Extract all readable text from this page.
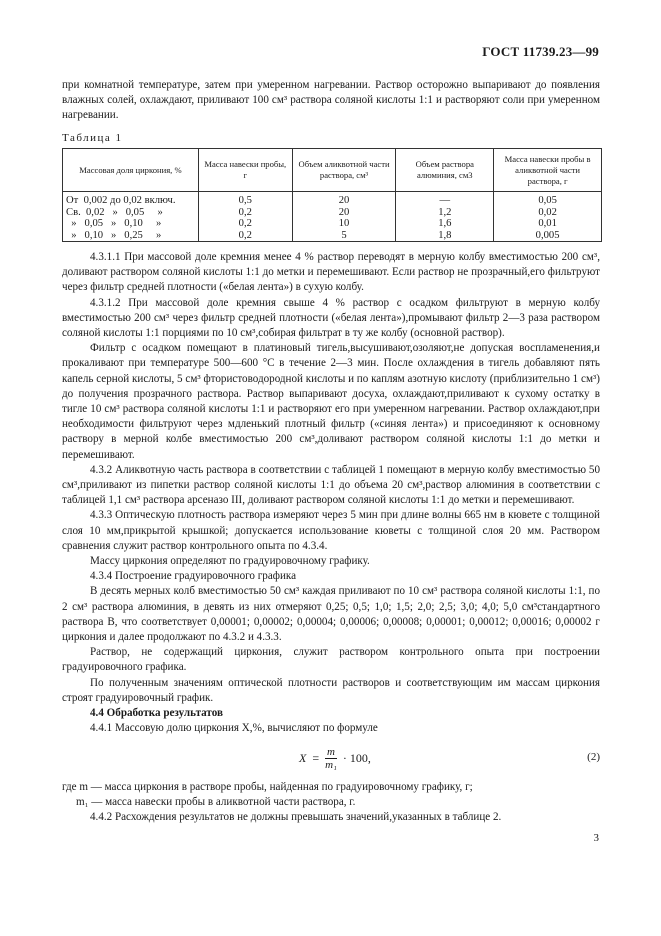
ГОСТ 11739.23—99

при комнатной температуре, затем при умеренном нагревании. Раствор осторожно выпаривают до появления влажных солей, охлаждают, приливают 100 см³ раствора соляной кислоты 1:1 и растворяют соли при умеренном нагревании.

Таблица 1
Массовая доля циркония, %	Масса навески пробы, г	Объем аликвотной части раствора, см³	Объем раствора алюминия, см3	Масса навески пробы в аликвотной части раствора, г
От  0,002 до 0,02 включ.	0,5	20	—	0,05
Св.  0,02   »   0,05     »	0,2	20	1,2	0,02
»   0,05   »   0,10     »	0,2	10	1,6	0,01
»   0,10   »   0,25     »	0,2	5	1,8	0,005

4.3.1.1 При массовой доле кремния менее 4 % раствор переводят в мерную колбу вместимостью 200 см³, доливают раствором соляной кислоты 1:1 до метки и перемешивают. Если раствор не прозрачный,его фильтруют через фильтр средней плотности («белая лента») в сухую колбу.

4.3.1.2 При массовой доле кремния свыше 4 % раствор с осадком фильтруют в мерную колбу вместимостью 200 см³ через фильтр средней плотности («белая лента»),промывают фильтр 2—3 раза раствором соляной кислоты 1:1 порциями по 10 см³,собирая фильтрат в ту же колбу (основной раствор).

Фильтр с осадком помещают в платиновый тигель,высушивают,озоляют,не допуская воспламенения,и прокаливают при температуре 500—600 °С в течение 2—3 мин. После охлаждения в тигель добавляют пять капель серной кислоты, 5 см³ фтористоводородной кислоты и по каплям азотную кислоту (приблизительно 1 см³) до получения прозрачного раствора. Раствор выпаривают досуха, охлаждают,приливают к сухому остатку в тигле 10 см³ раствора соляной кислоты 1:1 и растворяют его при умеренном нагревании. Раствор охлаждают,при необходимости фильтруют через мдленький плотный фильтр («синяя лента») и присоединяют к основному раствору в мерной колбе вместимостью 200 см³,доливают раствором соляной кислоты 1:1 до метки и перемешивают.

4.3.2 Аликвотную часть раствора в соответствии с таблицей 1 помещают в мерную колбу вместимостью 50 см³,приливают из пипетки раствор соляной кислоты 1:1 до объема 20 см³,раствор алюминия в соответствии с таблицей 1,1 см³ раствора арсеназо III, доливают раствором соляной кислоты 1:1 до метки и перемешивают.

4.3.3 Оптическую плотность раствора измеряют через 5 мин при длине волны 665 нм в кювете с толщиной слоя 10 мм,прикрытой крышкой; допускается использование кюветы с толщиной слоя 20 мм. Раствором сравнения служит раствор контрольного опыта по 4.3.4.

Массу циркония определяют по градуировочному графику.

4.3.4 Построение градуировочного графика

В десять мерных колб вместимостью 50 см³ каждая приливают по 10 см³ раствора соляной кислоты 1:1, по 2 см³ раствора алюминия, в девять из них отмеряют 0,25; 0,5; 1,0; 1,5; 2,0; 2,5; 3,0; 4,0; 5,0 см³стандартного раствора В, что соответствует 0,00001; 0,00002; 0,00004; 0,00006; 0,00008; 0,00001; 0,00012; 0,00016; 0,00002 г циркония и далее продолжают по 4.3.2 и 4.3.3.

Раствор, не содержащий циркония, служит раствором контрольного опыта при построении градуировочного графика.

По полученным значениям оптической плотности растворов и соответствующим им массам циркония строят градуировочный график.

4.4 Обработка результатов

4.4.1 Массовую долю циркония X,%, вычисляют по формуле

$X = \frac{m}{\text{m₁}} \cdot 100$,	(2)

где m — масса циркония в растворе пробы, найденная по градуировочному графику, г;

m₁ — масса навески пробы в аликвотной части раствора, г.

4.4.2 Расхождения результатов не должны превышать значений,указанных в таблице 2.

3
